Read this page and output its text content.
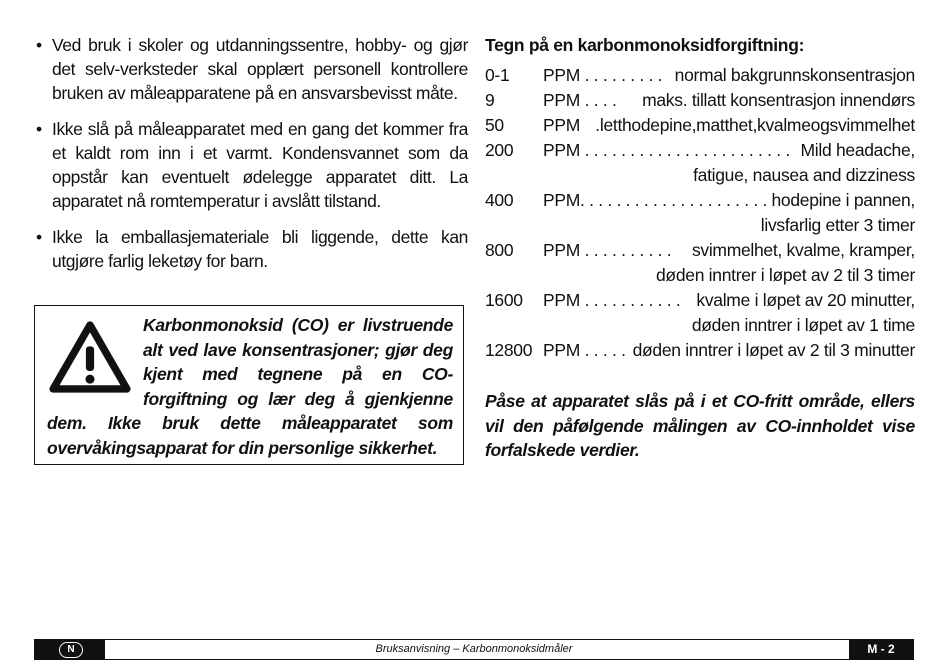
• Ved bruk i skoler og utdanningssentre, hobby- og gjør det selv-verksteder skal opplært personell kontrollere bruken av måleapparatene på en ansvarsbevisst måte.

• Ikke slå på måleapparatet med en gang det kommer fra et kaldt rom inn i et varmt. Kondensvannet som da oppstår kan eventuelt ødelegge apparatet ditt. La apparatet nå romtemperatur i avslått tilstand.

• Ikke la emballasjemateriale bli liggende, dette kan utgjøre farlig leketøy for barn.

Karbonmonoksid (CO) er livstruende alt ved lave konsentrasjoner; gjør deg kjent med tegnene på en CO-forgiftning og lær deg å gjenkjenne dem. Ikke bruk dette måleapparatet som overvåkingsapparat for din personlige sikkerhet.

Tegn på en karbonmonoksidforgiftning:
0-1	PPM . . . . . . . . . normal bakgrunnskonsentrasjon
9	PPM . . . . maks. tillatt konsentrasjon innendørs
50	PPM .letthodepine,matthet,kvalmeogsvimmelhet
200	PPM . . . . . . . . . . . . . . . . . . . . . . . Mild headache,
fatigue, nausea and dizziness
400	PPM. . . . . . . . . . . . . . . . . . . . . hodepine i pannen,
livsfarlig etter 3 timer
800	PPM . . . . . . . . . . svimmelhet, kvalme, kramper,
døden inntrer i løpet av 2 til 3 timer
1600	PPM . . . . . . . . . . . kvalme i løpet av 20 minutter,
døden inntrer i løpet av 1 time
12800 PPM . . . . . døden inntrer i løpet av 2 til 3 minutter
Påse at apparatet slås på i et CO-fritt område, ellers vil den påfølgende målingen av CO-innholdet vise forfalskede verdier.
N	Bruksanvisning – Karbonmonoksidmåler	M - 2
